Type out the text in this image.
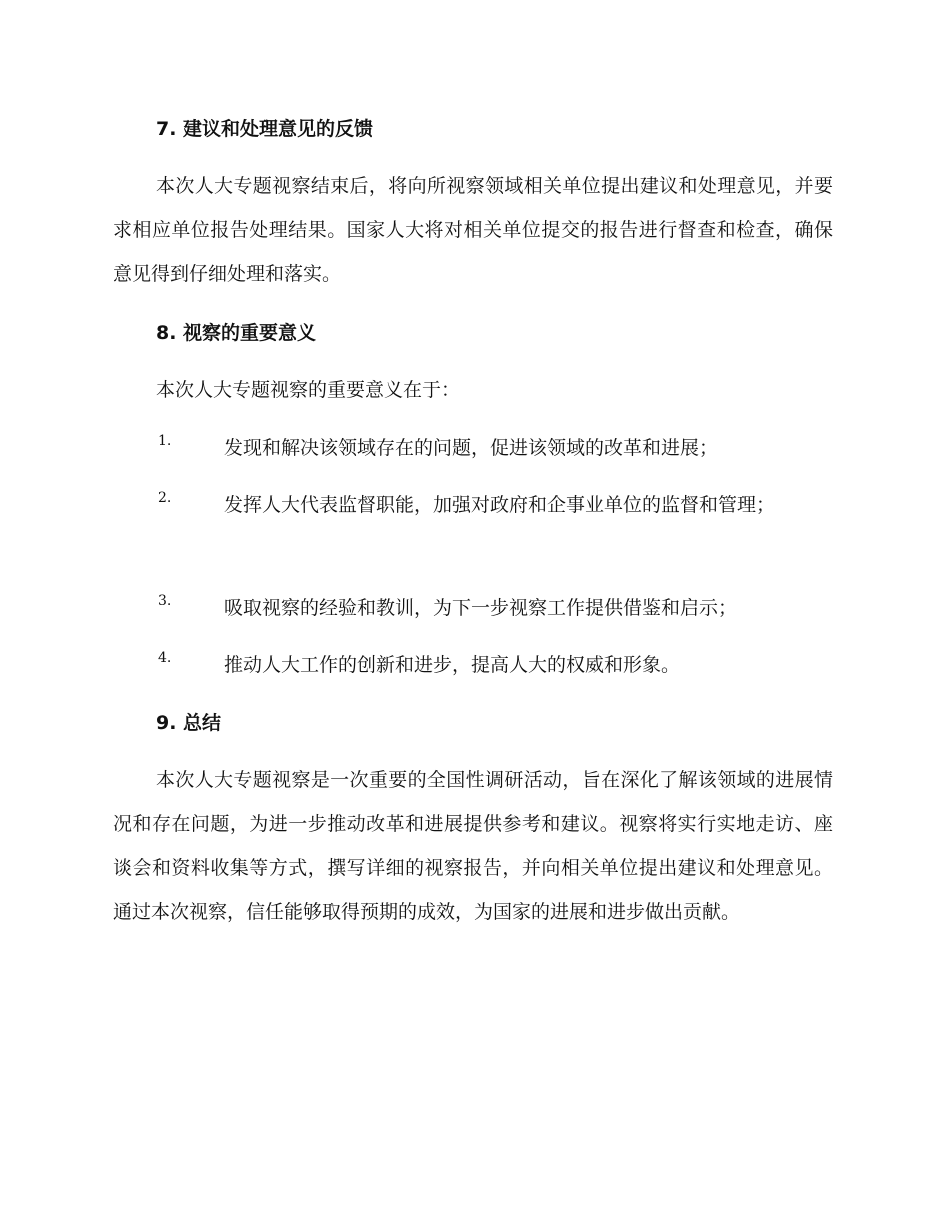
7. 建议和处理意见的反馈

本次人大专题视察结束后，将向所视察领域相关单位提出建议和处理意见，并要求相应单位报告处理结果。国家人大将对相关单位提交的报告进行督查和检查，确保意见得到仔细处理和落实。

8. 视察的重要意义
本次人大专题视察的重要意义在于：
1.	发现和解决该领域存在的问题，促进该领域的改革和进展；

2.	发挥人大代表监督职能，加强对政府和企事业单位的监督和管理；

3.	吸取视察的经验和教训，为下一步视察工作提供借鉴和启示；

4.	推动人大工作的创新和进步，提高人大的权威和形象。

9. 总结

本次人大专题视察是一次重要的全国性调研活动，旨在深化了解该领域的进展情况和存在问题，为进一步推动改革和进展提供参考和建议。视察将实行实地走访、座谈会和资料收集等方式，撰写详细的视察报告，并向相关单位提出建议和处理意见。通过本次视察，信任能够取得预期的成效，为国家的进展和进步做出贡献。
